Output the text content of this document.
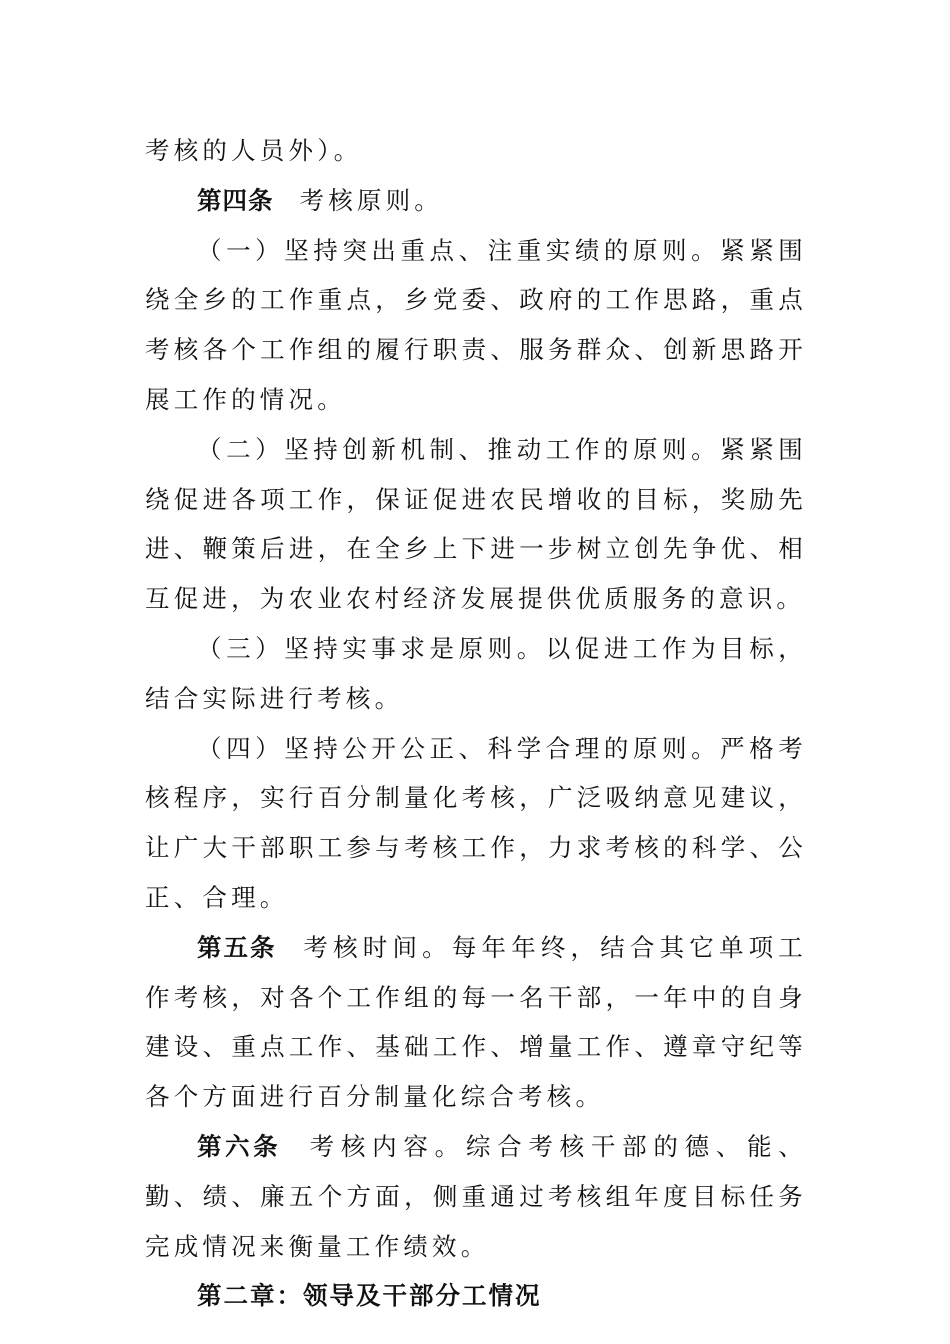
考核的人员外）。

第四条 考核原则。

（一）坚持突出重点、注重实绩的原则。紧紧围绕全乡的工作重点，乡党委、政府的工作思路，重点考核各个工作组的履行职责、服务群众、创新思路开展工作的情况。

（二）坚持创新机制、推动工作的原则。紧紧围绕促进各项工作，保证促进农民增收的目标，奖励先进、鞭策后进，在全乡上下进一步树立创先争优、相互促进，为农业农村经济发展提供优质服务的意识。

（三）坚持实事求是原则。以促进工作为目标，结合实际进行考核。

（四）坚持公开公正、科学合理的原则。严格考核程序，实行百分制量化考核，广泛吸纳意见建议，让广大干部职工参与考核工作，力求考核的科学、公正、合理。

第五条 考核时间。每年年终，结合其它单项工作考核，对各个工作组的每一名干部，一年中的自身建设、重点工作、基础工作、增量工作、遵章守纪等各个方面进行百分制量化综合考核。

第六条 考核内容。综合考核干部的德、能、勤、绩、廉五个方面，侧重通过考核组年度目标任务完成情况来衡量工作绩效。

第二章：领导及干部分工情况
